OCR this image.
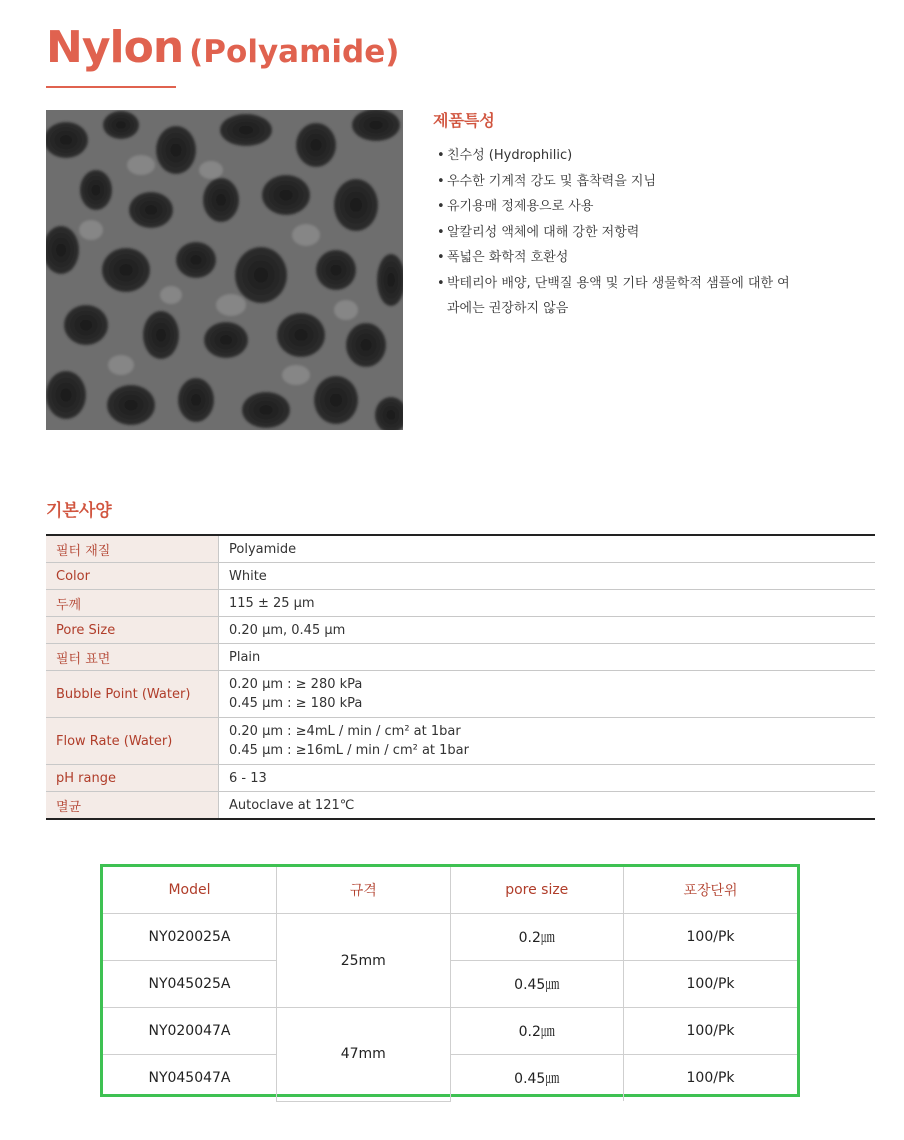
Nylon (Polyamide)
제품특성
• 친수성 (Hydrophilic)
• 우수한 기계적 강도 및 흡착력을 지님
• 유기용매 정제용으로 사용
• 알칼리성 액체에 대해 강한 저항력
• 폭넓은 화학적 호환성
• 박테리아 배양, 단백질 용액 및 기타 생물학적 샘플에 대한 여과에는 권장하지 않음
기본사양
필터 재질	Polyamide
Color	White
두께	115 ± 25 µm
Pore Size	0.20 µm, 0.45 µm
필터 표면	Plain
Bubble Point (Water)	0.20 µm : ≥ 280 kPa
0.45 µm : ≥ 180 kPa

Flow Rate (Water)	0.20 µm : ≥4mL / min / cm² at 1bar
0.45 µm : ≥16mL / min / cm² at 1bar

pH range	6 - 13
멸균	Autoclave at 121℃
Model	규격	pore size	포장단위
NY020025A	25mm	0.2㎛	100/Pk
NY045025A		0.45㎛	100/Pk
NY020047A	47mm	0.2㎛	100/Pk
NY045047A		0.45㎛	100/Pk
